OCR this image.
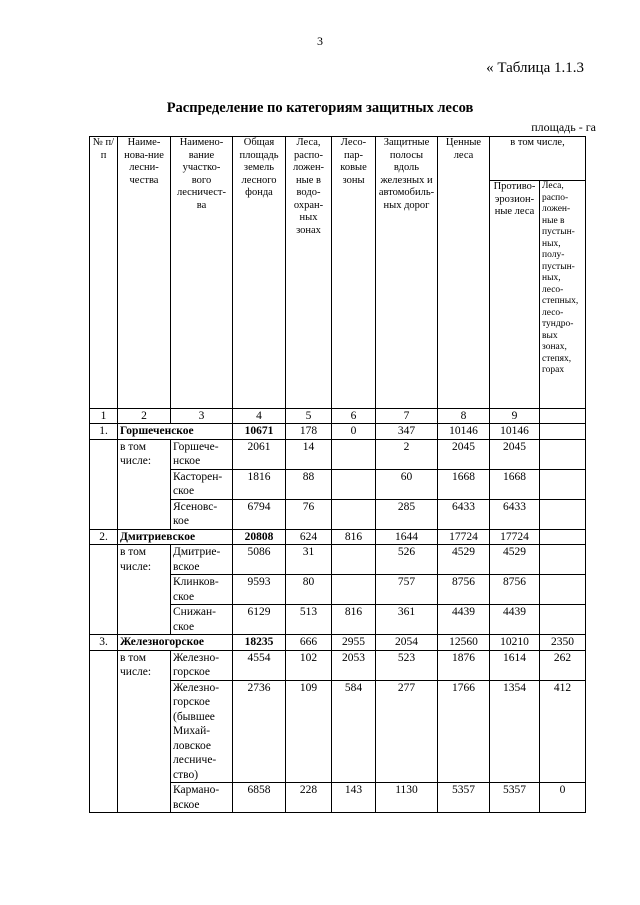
3
« Таблица 1.1.3
Распределение по категориям защитных лесов
площадь - га
№ п/п	Наиме-нова-ние лесни-чества	Наимено-вание участко-вого лесничест-ва	Общая площадь земель лесного фонда	Леса, распо-ложен-ные в водо-охран-ных зонах	Лесо-пар-ковые зоны	Защитные полосы вдоль железных и автомобиль-ных дорог	Ценные леса	в том числе,	
								Противо-эрозион-ные леса	Леса, распо-ложен-ные в пустын-ных, полу-пустын-ных, лесо-степных, лесо-тундро-вых зонах, степях, горах
1	2	3	4	5	6	7	8	9	
1.	Горшеченское		10671	178	0	347	10146	10146	
	в том числе:	Горшече-нское	2061	14		2	2045	2045	
		Касторен-ское	1816	88		60	1668	1668	
		Ясеновс-кое	6794	76		285	6433	6433	
2.	Дмитриевское		20808	624	816	1644	17724	17724	
	в том числе:	Дмитрие-вское	5086	31		526	4529	4529	
		Клинков-ское	9593	80		757	8756	8756	
		Снижан-ское	6129	513	816	361	4439	4439	
3.	Железногорское		18235	666	2955	2054	12560	10210	2350
	в том числе:	Железно-горское	4554	102	2053	523	1876	1614	262
		Железно-горское (бывшее Михай-ловское лесниче-ство)	2736	109	584	277	1766	1354	412
		Кармано-вское	6858	228	143	1130	5357	5357	0
